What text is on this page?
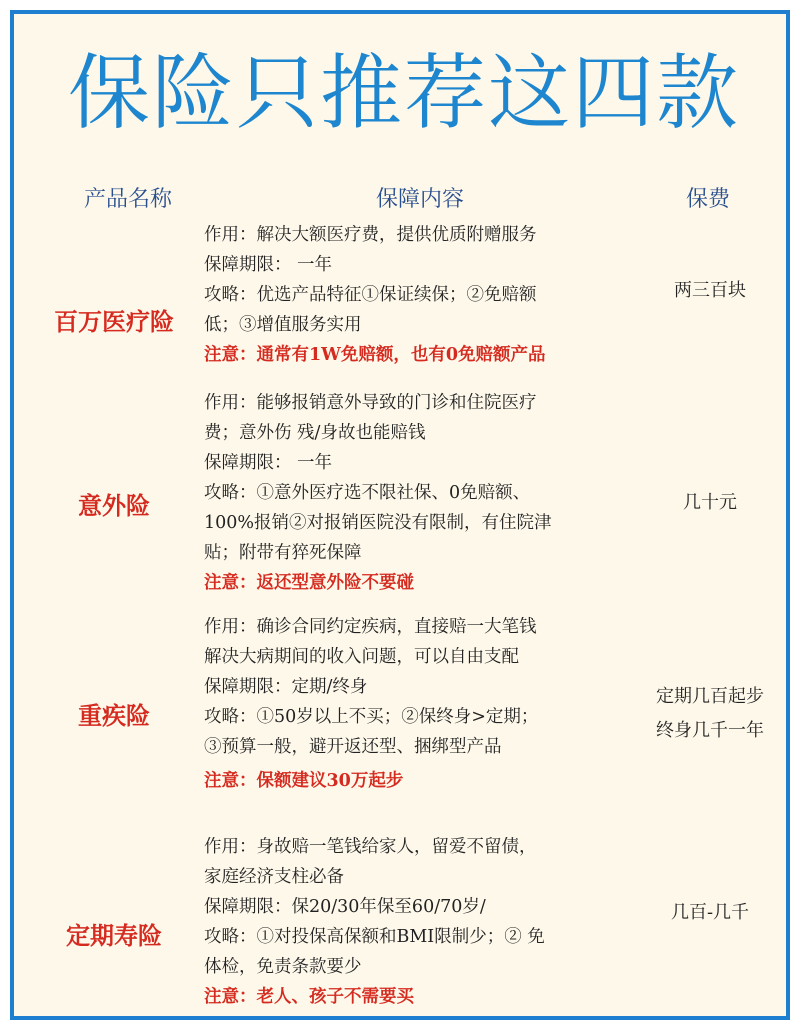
保险只推荐这四款
产品名称	保障内容	保费
百万医疗险
作用：解决大额医疗费，提供优质附赠服务
保障期限： 一年
攻略：优选产品特征①保证续保；②免赔额
低；③增值服务实用
注意：通常有1W免赔额，也有0免赔额产品
两三百块
意外险
作用：能够报销意外导致的门诊和住院医疗
费；意外伤 残/身故也能赔钱
保障期限： 一年
攻略：①意外医疗选不限社保、0免赔额、
100%报销②对报销医院没有限制，有住院津
贴；附带有猝死保障
注意：返还型意外险不要碰
几十元
重疾险
作用：确诊合同约定疾病，直接赔一大笔钱
解决大病期间的收入问题，可以自由支配
保障期限：定期/终身
攻略：①50岁以上不买；②保终身>定期；
③预算一般，避开返还型、捆绑型产品
注意：保额建议30万起步
定期几百起步
终身几千一年
定期寿险
作用：身故赔一笔钱给家人，留爱不留债，
家庭经济支柱必备
保障期限：保20/30年保至60/70岁/
攻略：①对投保高保额和BMI限制少；② 免
体检，免责条款要少
注意：老人、孩子不需要买
几百-几千
